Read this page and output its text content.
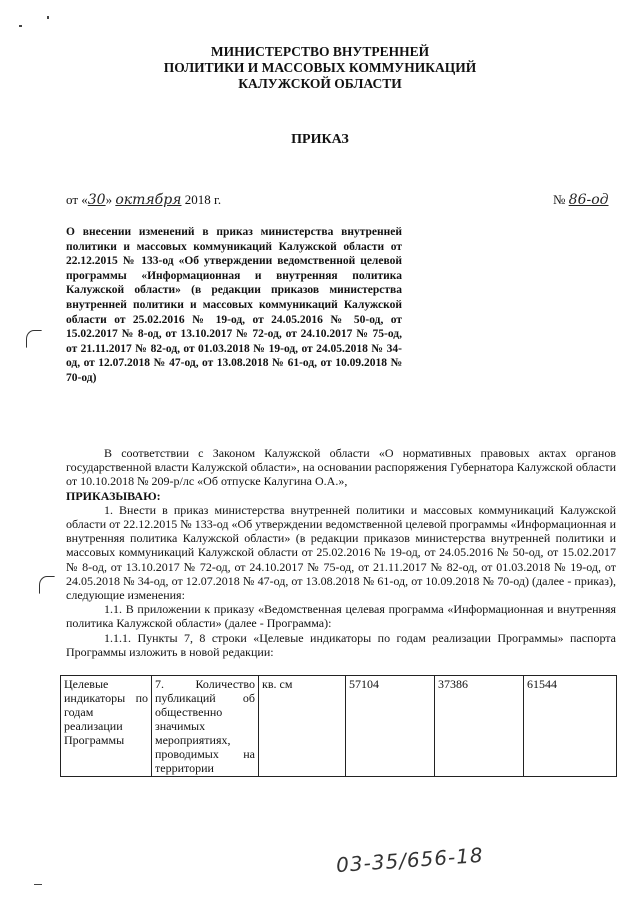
МИНИСТЕРСТВО ВНУТРЕННЕЙ
ПОЛИТИКИ И МАССОВЫХ КОММУНИКАЦИЙ
КАЛУЖСКОЙ ОБЛАСТИ
ПРИКАЗ
от «30» октября 2018 г.	№ 86-од
О внесении изменений в приказ министерства внутренней политики и массовых коммуникаций Калужской области от 22.12.2015 № 133-од «Об утверждении ведомственной целевой программы «Информационная и внутренняя политика Калужской области» (в редакции приказов министерства внутренней политики и массовых коммуникаций Калужской области от 25.02.2016 № 19-од, от 24.05.2016 № 50-од, от 15.02.2017 № 8-од, от 13.10.2017 № 72-од, от 24.10.2017 № 75-од, от 21.11.2017 № 82-од, от 01.03.2018 № 19-од, от 24.05.2018 № 34-од, от 12.07.2018 № 47-од, от 13.08.2018 № 61-од, от 10.09.2018 № 70-од)

В соответствии с Законом Калужской области «О нормативных правовых актах органов государственной власти Калужской области», на основании распоряжения Губернатора Калужской области от 10.10.2018 № 209-р/лс «Об отпуске Калугина О.А.»,

ПРИКАЗЫВАЮ:

1. Внести в приказ министерства внутренней политики и массовых коммуникаций Калужской области от 22.12.2015 № 133-од «Об утверждении ведомственной целевой программы «Информационная и внутренняя политика Калужской области» (в редакции приказов министерства внутренней политики и массовых коммуникаций Калужской области от 25.02.2016 № 19-од, от 24.05.2016 № 50-од, от 15.02.2017 № 8-од, от 13.10.2017 № 72-од, от 24.10.2017 № 75-од, от 21.11.2017 № 82-од, от 01.03.2018 № 19-од, от 24.05.2018 № 34-од, от 12.07.2018 № 47-од, от 13.08.2018 № 61-од, от 10.09.2018 № 70-од) (далее - приказ), следующие изменения:

1.1. В приложении к приказу «Ведомственная целевая программа «Информационная и внутренняя политика Калужской области» (далее - Программа):

1.1.1. Пункты 7, 8 строки «Целевые индикаторы по годам реализации Программы» паспорта Программы изложить в новой редакции:

Целевые индикаторы по годам реализации Программы	7. Количество публикаций об общественно значимых мероприятиях, проводимых на территории	кв. см	57104	37386	61544
03-35/656-18
